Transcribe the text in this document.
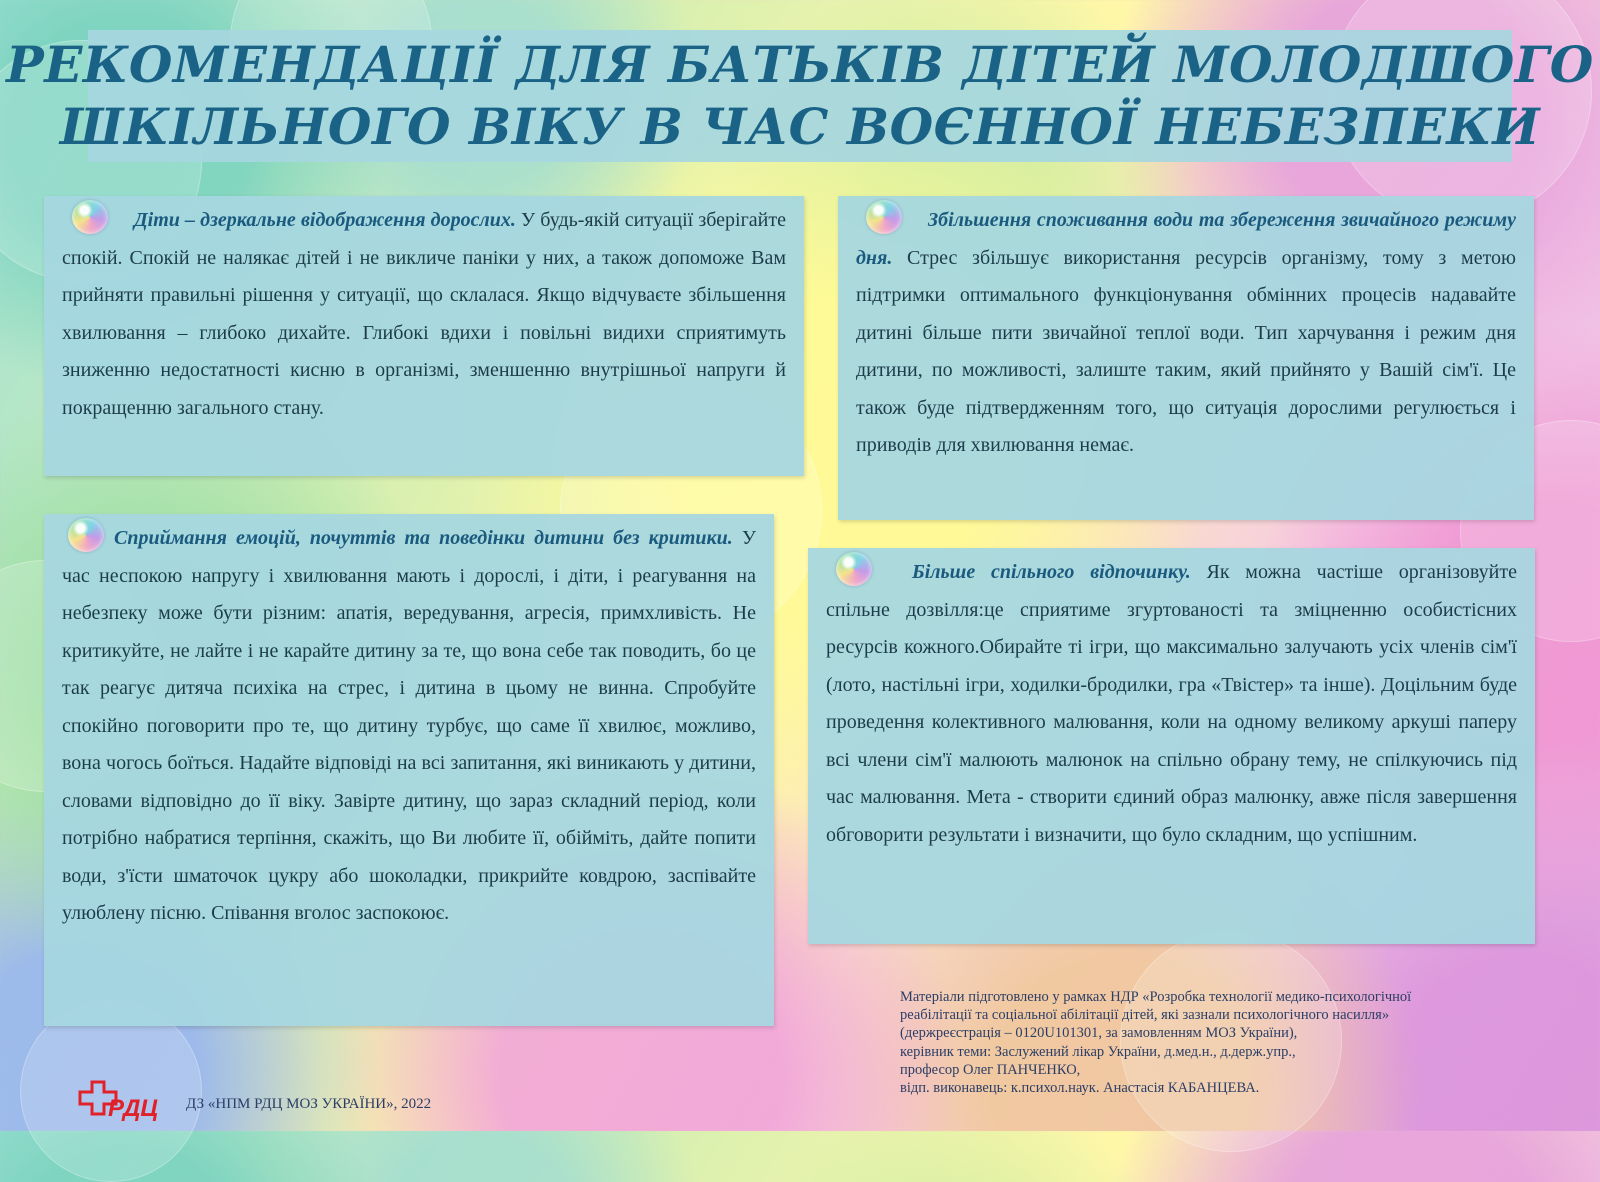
РЕКОМЕНДАЦІЇ ДЛЯ БАТЬКІВ ДІТЕЙ МОЛОДШОГО
ШКІЛЬНОГО ВІКУ В ЧАС ВОЄННОЇ НЕБЕЗПЕКИ

Діти – дзеркальне відображення дорослих. У будь-якій ситуації зберігайте спокій. Спокій не налякає дітей і не викличе паніки у них, а також допоможе Вам прийняти правильні рішення у ситуації, що склалася. Якщо відчуваєте збільшення хвилювання – глибоко дихайте. Глибокі вдихи і повільні видихи сприятимуть зниженню недостатності кисню в організмі, зменшенню внутрішньої напруги й покращенню загального стану.

Збільшення споживання води та збереження звичайного режиму дня. Стрес збільшує використання ресурсів організму, тому з метою підтримки оптимального функціонування обмінних процесів надавайте дитині більше пити звичайної теплої води. Тип харчування і режим дня дитини, по можливості, залиште таким, який прийнято у Вашій сім'ї. Це також буде підтвердженням того, що ситуація дорослими регулюється і приводів для хвилювання немає.

Сприймання емоцій, почуттів та поведінки дитини без критики. У час неспокою напругу і хвилювання мають і дорослі, і діти, і реагування на небезпеку може бути різним: апатія, вередування, агресія, примхливість. Не критикуйте, не лайте і не карайте дитину за те, що вона себе так поводить, бо це так реагує дитяча психіка на стрес, і дитина в цьому не винна. Спробуйте спокійно поговорити про те, що дитину турбує, що саме її хвилює, можливо, вона чогось боїться. Надайте відповіді на всі запитання, які виникають у дитини, словами відповідно до її віку. Завірте дитину, що зараз складний період, коли потрібно набратися терпіння, скажіть, що Ви любите її, обійміть, дайте попити води, з'їсти шматочок цукру або шоколадки, прикрийте ковдрою, заспівайте улюблену пісню. Співання вголос заспокоює.

Більше спільного відпочинку. Як можна частіше організовуйте спільне дозвілля:це сприятиме згуртованості та зміцненню особистісних ресурсів кожного.Обирайте ті ігри, що максимально залучають усіх членів сім'ї (лото, настільні ігри, ходилки-бродилки, гра «Твістер» та інше). Доцільним буде проведення колективного малювання, коли на одному великому аркуші паперу всі члени сім'ї малюють малюнок на спільно обрану тему, не спілкуючись під час малювання. Мета - створити єдиний образ малюнку, авже після завершення обговорити результати і визначити, що було складним, що успішним.

Матеріали підготовлено у рамках НДР «Розробка технології медико-психологічної
реабілітації та соціальної абілітації дітей, які зазнали психологічного насилля»
(держреєстрація – 0120U101301, за замовленням МОЗ України),
керівник теми: Заслужений лікар України, д.мед.н., д.держ.упр.,
професор Олег ПАНЧЕНКО,
відп. виконавець: к.психол.наук. Анастасія КАБАНЦЕВА.
РДЦ ДЗ «НПМ РДЦ МОЗ УКРАЇНИ», 2022
